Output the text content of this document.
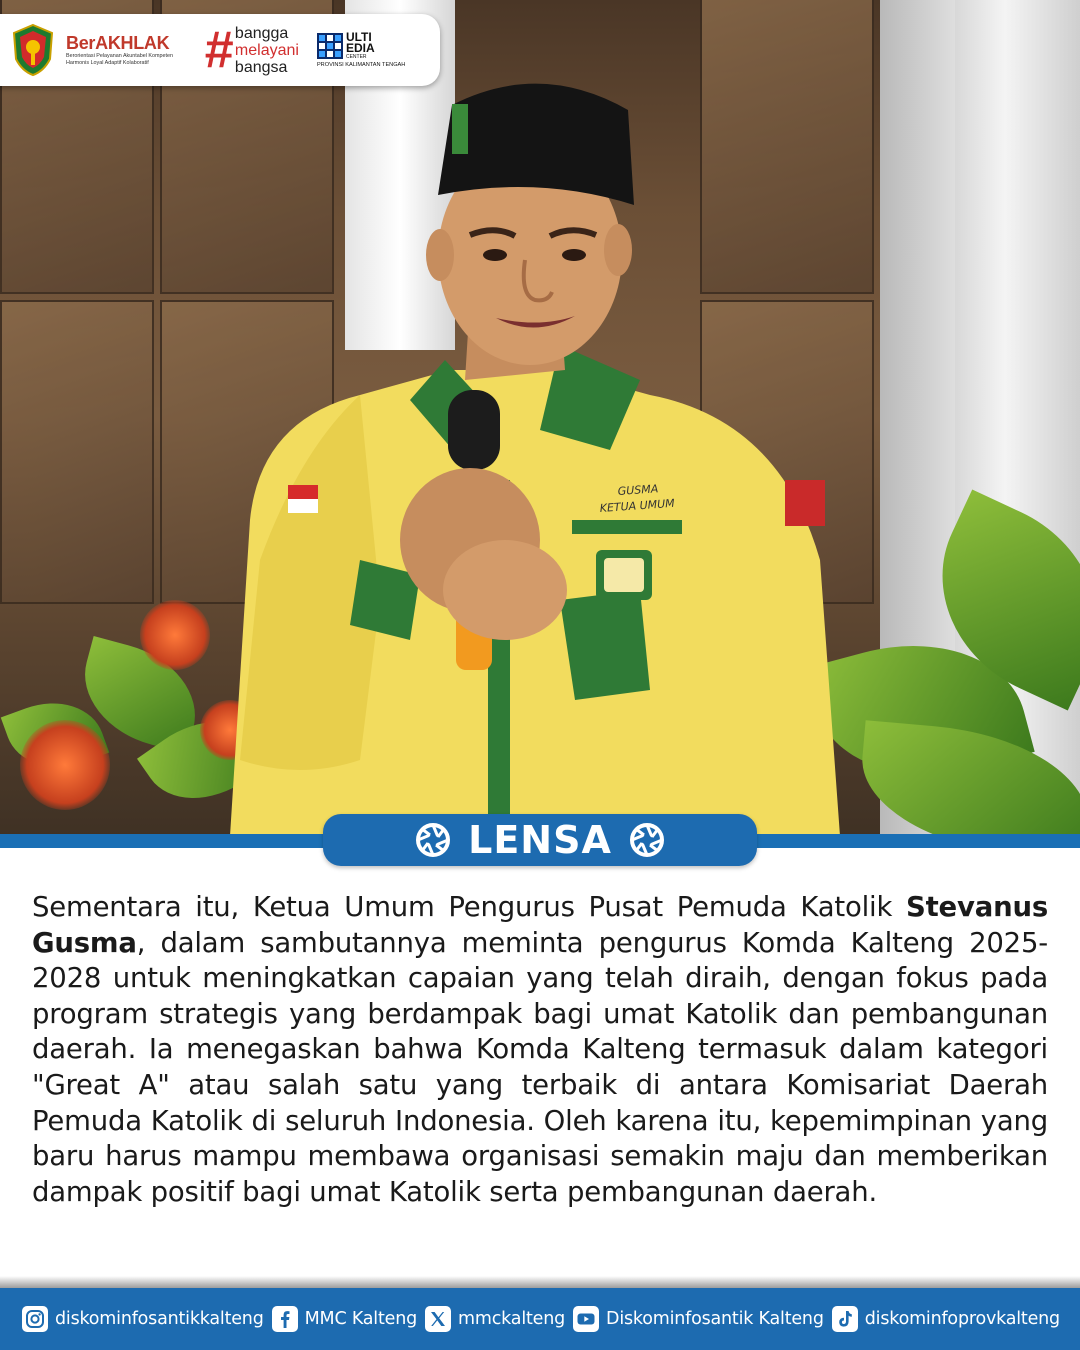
GUSMA
KETUA UMUM
BerAKHLAK
Berorientasi Pelayanan Akuntabel Kompeten
Harmonis Loyal Adaptif Kolaboratif	# bangga
melayani
bangsa
ULTI
EDIA
CENTER
PROVINSI KALIMANTAN TENGAH
LENSA
Sementara itu, Ketua Umum Pengurus Pusat Pemuda Katolik Stevanus Gusma, dalam sambutannya meminta pengurus Komda Kalteng 2025-2028 untuk meningkatkan capaian yang telah diraih, dengan fokus pada program strategis yang berdampak bagi umat Katolik dan pembangunan daerah. Ia menegaskan bahwa Komda Kalteng termasuk dalam kategori "Great A" atau salah satu yang terbaik di antara Komisariat Daerah Pemuda Katolik di seluruh Indonesia. Oleh karena itu, kepemimpinan yang baru harus mampu membawa organisasi semakin maju dan memberikan dampak positif bagi umat Katolik serta pembangunan daerah.
diskominfosantikkalteng MMC Kalteng mmckalteng Diskominfosantik Kalteng diskominfoprovkalteng
